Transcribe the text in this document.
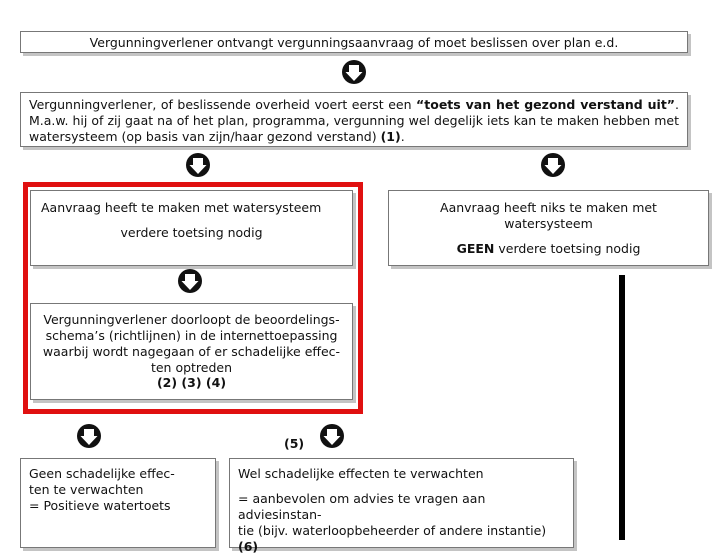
Vergunningverlener ontvangt vergunningsaanvraag of moet beslissen over plan e.d.
Vergunningverlener, of beslissende overheid voert eerst een “toets van het gezond verstand uit”.
M.a.w. hij of zij gaat na of het plan, programma, vergunning wel degelijk iets kan te maken hebben met
watersysteem (op basis van zijn/haar gezond verstand) (1).
Aanvraag heeft te maken met watersysteem
verdere toetsing nodig
Aanvraag heeft niks te maken met watersysteem
GEEN verdere toetsing nodig
Vergunningverlener doorloopt de beoordelings-
schema’s (richtlijnen) in de internettoepassing
waarbij wordt nagegaan of er schadelijke effec-
ten optreden
(2) (3) (4)
(5)
Geen schadelijke effec-
ten te verwachten
= Positieve watertoets
Wel schadelijke effecten te verwachten
= aanbevolen om advies te vragen aan adviesinstan-
tie (bijv. waterloopbeheerder of andere instantie) (6)
